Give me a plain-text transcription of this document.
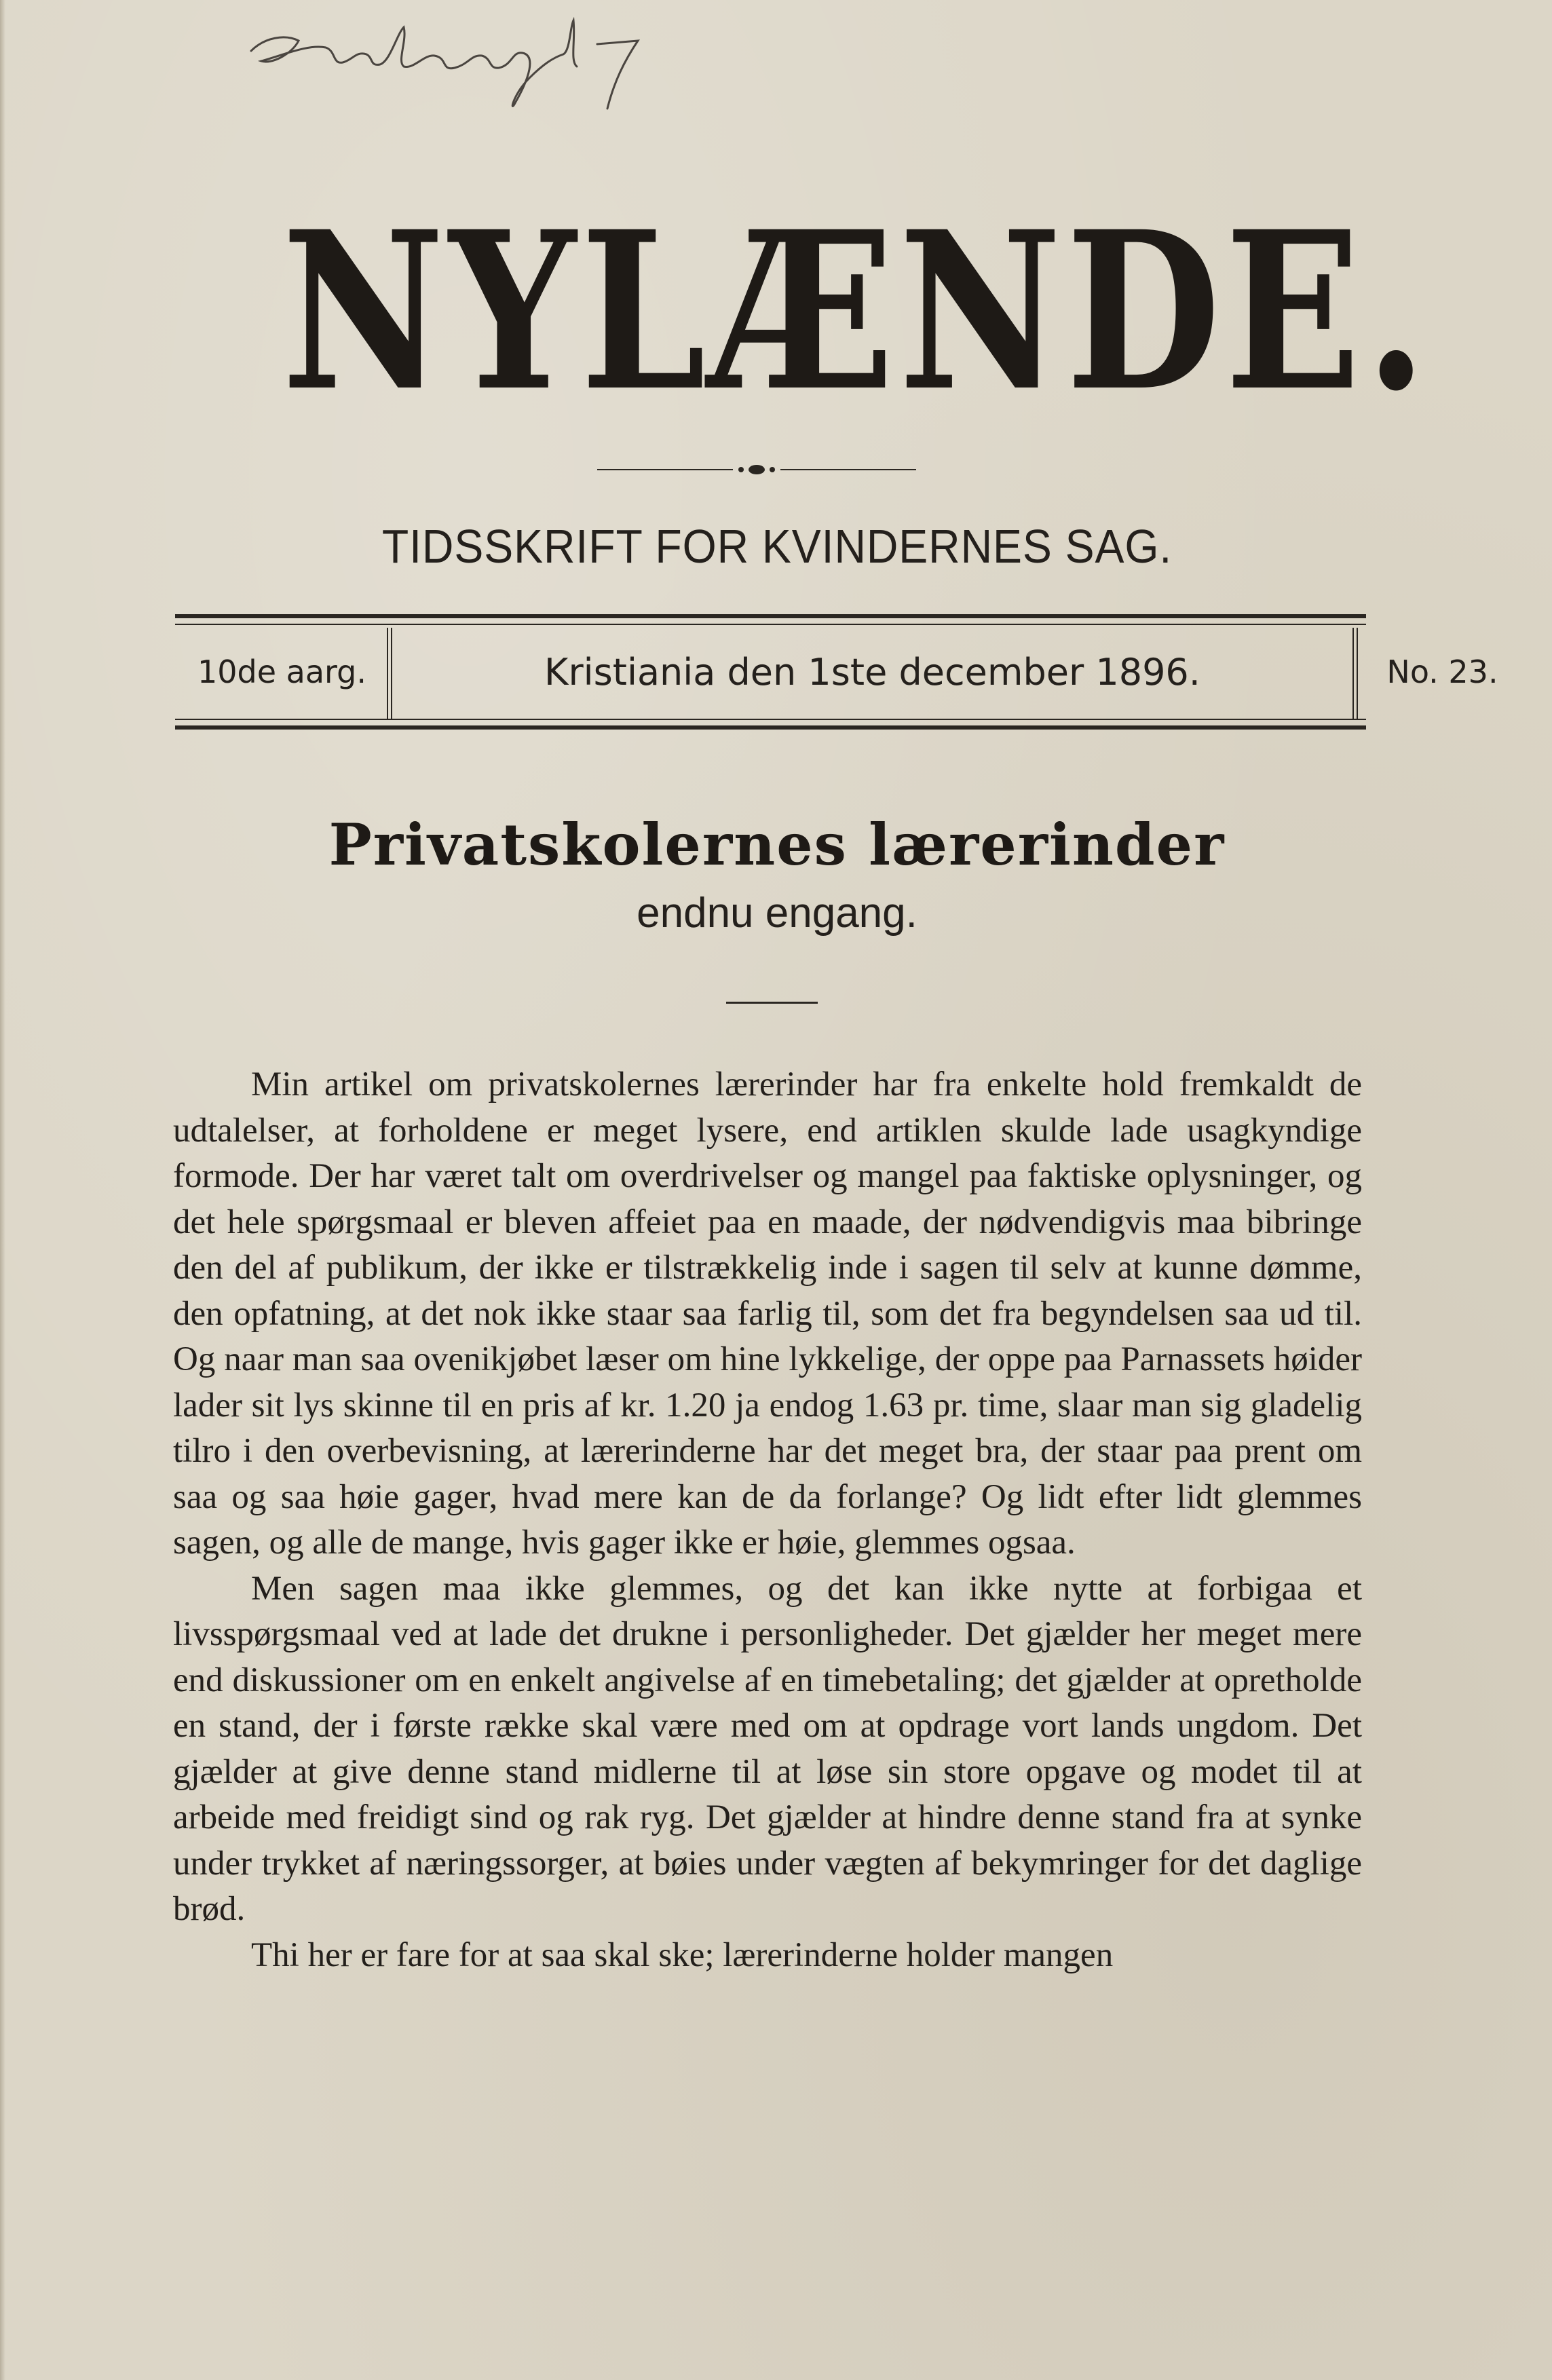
NYLÆNDE.
TIDSSKRIFT FOR KVINDERNES SAG.
10de aarg.	Kristiania den 1ste december 1896.	No. 23.
Privatskolernes lærerinder
endnu engang.

Min artikel om privatskolernes lærerinder har fra enkelte hold fremkaldt de udtalelser, at forholdene er meget lysere, end artiklen skulde lade usagkyndige formode. Der har været talt om overdrivelser og mangel paa faktiske oplysninger, og det hele spørgsmaal er bleven affeiet paa en maade, der nødvendigvis maa bibringe den del af publikum, der ikke er tilstrækkelig inde i sagen til selv at kunne dømme, den opfatning, at det nok ikke staar saa farlig til, som det fra begyndelsen saa ud til. Og naar man saa ovenikjøbet læser om hine lykkelige, der oppe paa Parnassets høider lader sit lys skinne til en pris af kr. 1.20 ja endog 1.63 pr. time, slaar man sig gladelig tilro i den overbevisning, at lærerinderne har det meget bra, der staar paa prent om saa og saa høie gager, hvad mere kan de da forlange? Og lidt efter lidt glemmes sagen, og alle de mange, hvis gager ikke er høie, glemmes ogsaa.

Men sagen maa ikke glemmes, og det kan ikke nytte at forbigaa et livsspørgsmaal ved at lade det drukne i personligheder. Det gjælder her meget mere end diskussioner om en enkelt angivelse af en timebetaling; det gjælder at opretholde en stand, der i første række skal være med om at opdrage vort lands ungdom. Det gjælder at give denne stand midlerne til at løse sin store opgave og modet til at arbeide med freidigt sind og rak ryg. Det gjælder at hindre denne stand fra at synke under trykket af næringssorger, at bøies under vægten af bekymringer for det daglige brød.

Thi her er fare for at saa skal ske; lærerinderne holder mangen
